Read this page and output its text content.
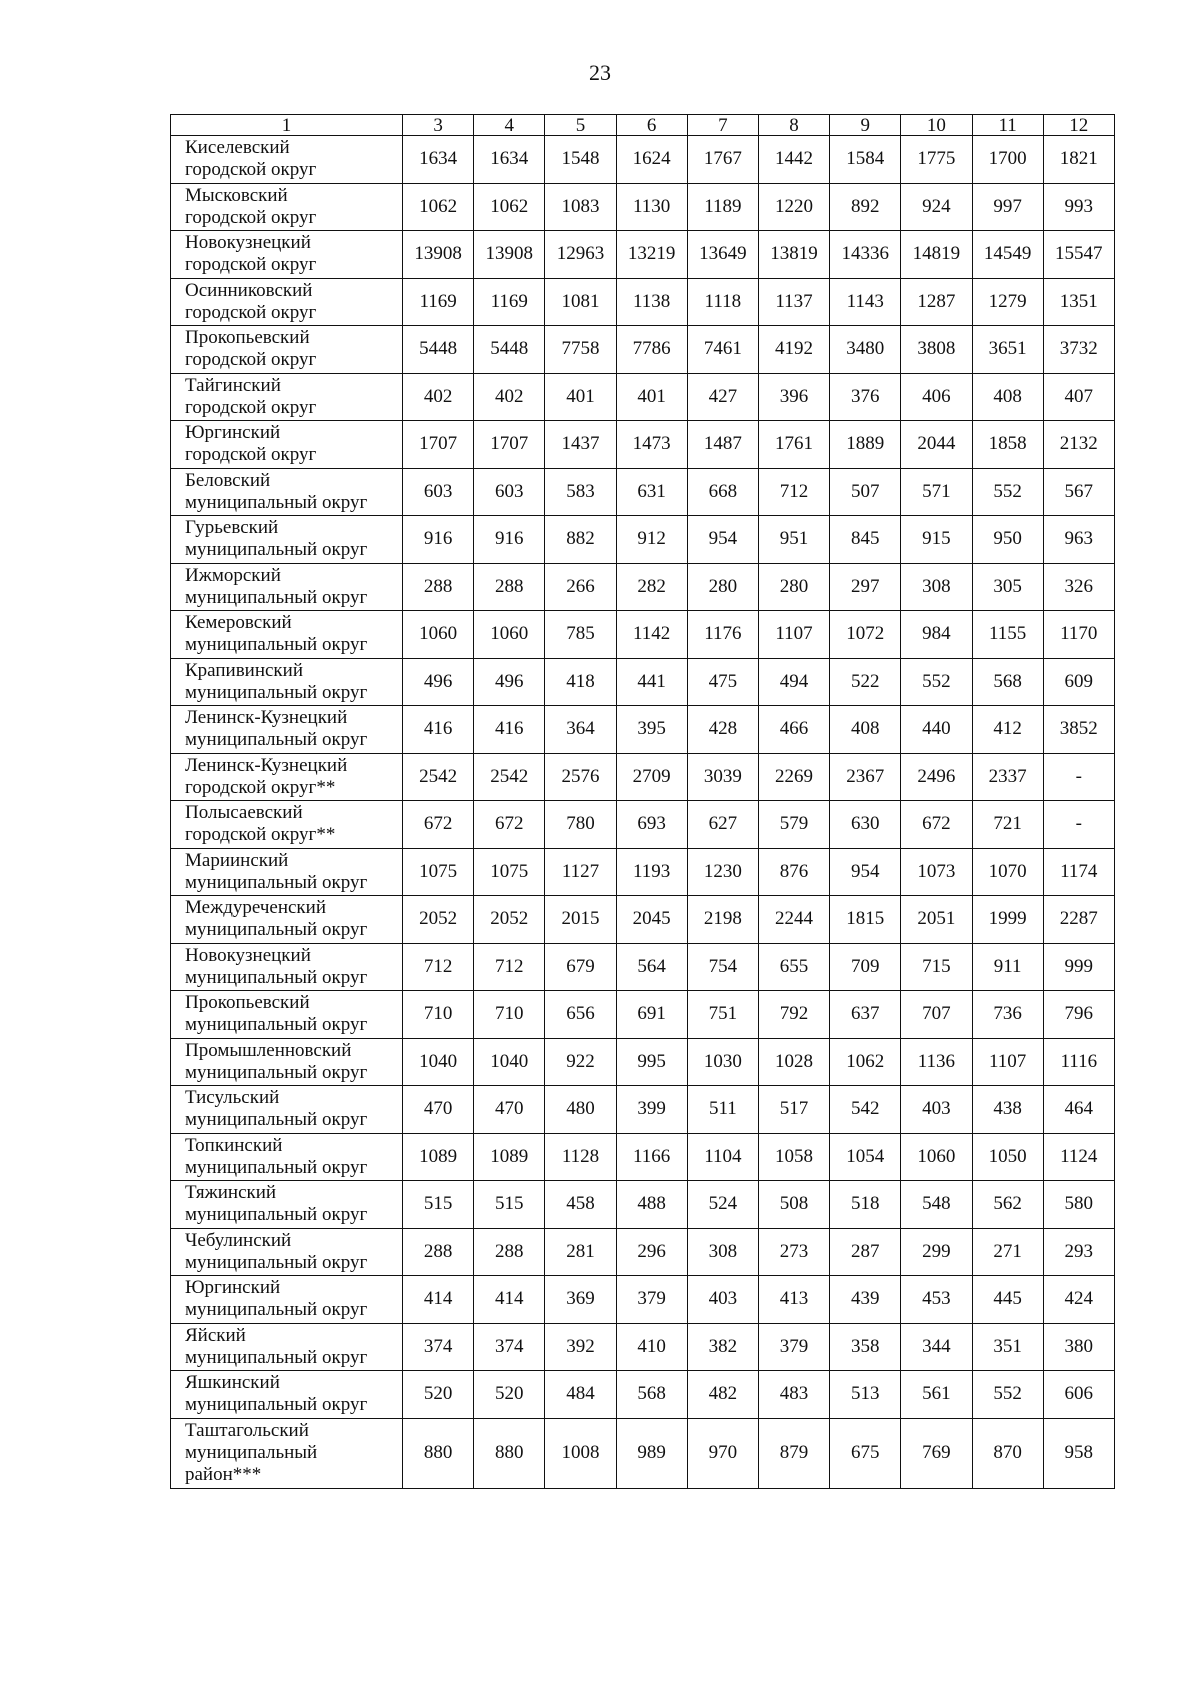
23
1	3	4	5	6	7	8	9	10	11	12

Киселевский
городской округ	1634	1634	1548	1624	1767	1442	1584	1775	1700	1821

Мысковский
городской округ	1062	1062	1083	1130	1189	1220	892	924	997	993

Новокузнецкий
городской округ	13908	13908	12963	13219	13649	13819	14336	14819	14549	15547

Осинниковский
городской округ	1169	1169	1081	1138	1118	1137	1143	1287	1279	1351

Прокопьевский
городской округ	5448	5448	7758	7786	7461	4192	3480	3808	3651	3732

Тайгинский
городской округ	402	402	401	401	427	396	376	406	408	407

Юргинский
городской округ	1707	1707	1437	1473	1487	1761	1889	2044	1858	2132

Беловский
муниципальный округ	603	603	583	631	668	712	507	571	552	567

Гурьевский
муниципальный округ	916	916	882	912	954	951	845	915	950	963

Ижморский
муниципальный округ	288	288	266	282	280	280	297	308	305	326

Кемеровский
муниципальный округ	1060	1060	785	1142	1176	1107	1072	984	1155	1170

Крапивинский
муниципальный округ	496	496	418	441	475	494	522	552	568	609

Ленинск-Кузнецкий
муниципальный округ	416	416	364	395	428	466	408	440	412	3852

Ленинск-Кузнецкий
городской округ**	2542	2542	2576	2709	3039	2269	2367	2496	2337	-

Полысаевский
городской округ**	672	672	780	693	627	579	630	672	721	-

Мариинский
муниципальный округ	1075	1075	1127	1193	1230	876	954	1073	1070	1174

Междуреченский
муниципальный округ	2052	2052	2015	2045	2198	2244	1815	2051	1999	2287

Новокузнецкий
муниципальный округ	712	712	679	564	754	655	709	715	911	999

Прокопьевский
муниципальный округ	710	710	656	691	751	792	637	707	736	796

Промышленновский
муниципальный округ	1040	1040	922	995	1030	1028	1062	1136	1107	1116

Тисульский
муниципальный округ	470	470	480	399	511	517	542	403	438	464

Топкинский
муниципальный округ	1089	1089	1128	1166	1104	1058	1054	1060	1050	1124

Тяжинский
муниципальный округ	515	515	458	488	524	508	518	548	562	580

Чебулинский
муниципальный округ	288	288	281	296	308	273	287	299	271	293

Юргинский
муниципальный округ	414	414	369	379	403	413	439	453	445	424

Яйский
муниципальный округ	374	374	392	410	382	379	358	344	351	380

Яшкинский
муниципальный округ	520	520	484	568	482	483	513	561	552	606

Таштагольский
муниципальный
район***	880	880	1008	989	970	879	675	769	870	958
